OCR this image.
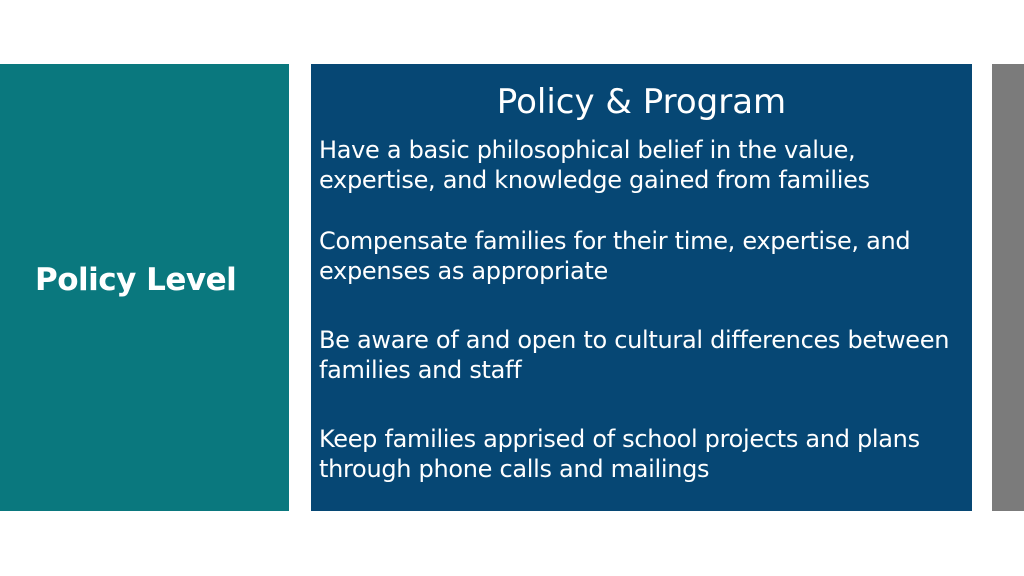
Policy Level
Policy & Program
Have a basic philosophical belief in the value, expertise, and knowledge gained from families
Compensate families for their time, expertise, and expenses as appropriate
Be aware of and open to cultural differences between families and staff
Keep families apprised of school projects and plans through phone calls and mailings
